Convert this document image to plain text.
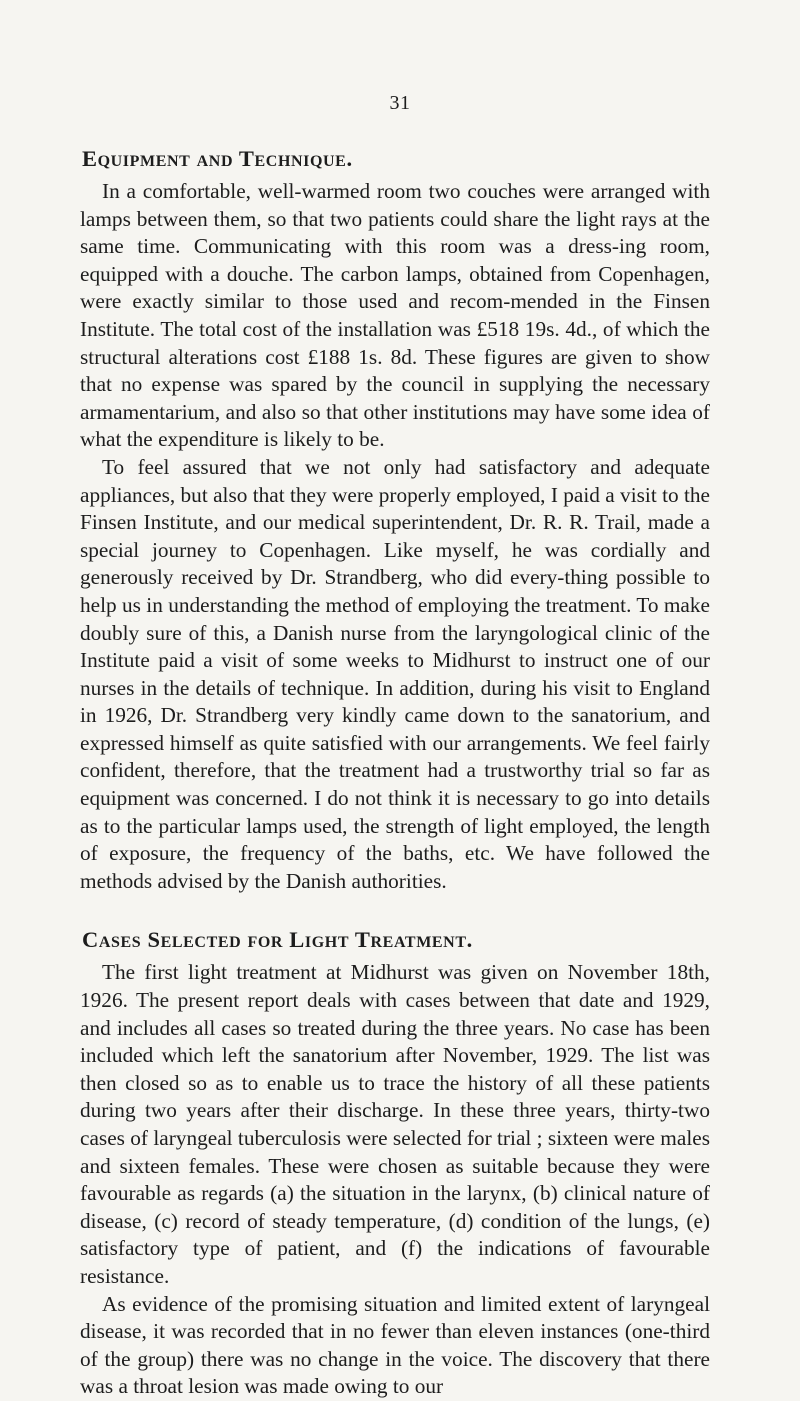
31
Equipment and Technique.

In a comfortable, well-warmed room two couches were arranged with lamps between them, so that two patients could share the light rays at the same time. Communicating with this room was a dress-ing room, equipped with a douche. The carbon lamps, obtained from Copenhagen, were exactly similar to those used and recom-mended in the Finsen Institute. The total cost of the installation was £518 19s. 4d., of which the structural alterations cost £188 1s. 8d. These figures are given to show that no expense was spared by the council in supplying the necessary armamentarium, and also so that other institutions may have some idea of what the expenditure is likely to be.

To feel assured that we not only had satisfactory and adequate appliances, but also that they were properly employed, I paid a visit to the Finsen Institute, and our medical superintendent, Dr. R. R. Trail, made a special journey to Copenhagen. Like myself, he was cordially and generously received by Dr. Strandberg, who did every-thing possible to help us in understanding the method of employing the treatment. To make doubly sure of this, a Danish nurse from the laryngological clinic of the Institute paid a visit of some weeks to Midhurst to instruct one of our nurses in the details of technique. In addition, during his visit to England in 1926, Dr. Strandberg very kindly came down to the sanatorium, and expressed himself as quite satisfied with our arrangements. We feel fairly confident, therefore, that the treatment had a trustworthy trial so far as equipment was concerned. I do not think it is necessary to go into details as to the particular lamps used, the strength of light employed, the length of exposure, the frequency of the baths, etc. We have followed the methods advised by the Danish authorities.

Cases Selected for Light Treatment.

The first light treatment at Midhurst was given on November 18th, 1926. The present report deals with cases between that date and 1929, and includes all cases so treated during the three years. No case has been included which left the sanatorium after November, 1929. The list was then closed so as to enable us to trace the history of all these patients during two years after their discharge. In these three years, thirty-two cases of laryngeal tuberculosis were selected for trial ; sixteen were males and sixteen females. These were chosen as suitable because they were favourable as regards (a) the situation in the larynx, (b) clinical nature of disease, (c) record of steady temperature, (d) condition of the lungs, (e) satisfactory type of patient, and (f) the indications of favourable resistance.

As evidence of the promising situation and limited extent of laryngeal disease, it was recorded that in no fewer than eleven instances (one-third of the group) there was no change in the voice. The discovery that there was a throat lesion was made owing to our
